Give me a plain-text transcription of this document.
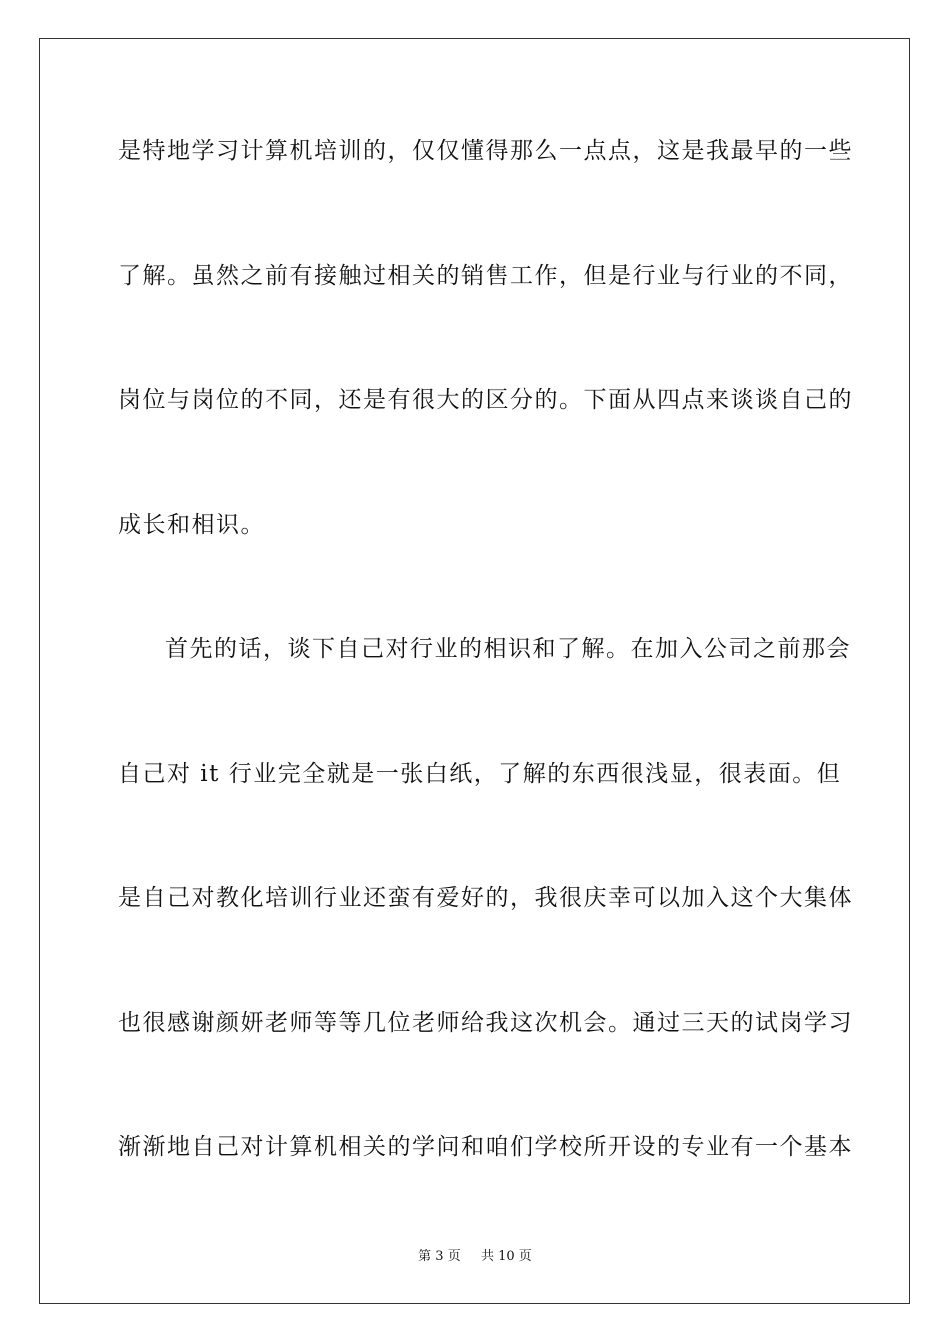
是特地学习计算机培训的，仅仅懂得那么一点点，这是我最早的一些
了解。虽然之前有接触过相关的销售工作，但是行业与行业的不同，
岗位与岗位的不同，还是有很大的区分的。下面从四点来谈谈自己的
成长和相识。
首先的话，谈下自己对行业的相识和了解。在加入公司之前那会
自己对 it 行业完全就是一张白纸，了解的东西很浅显，很表面。但
是自己对教化培训行业还蛮有爱好的，我很庆幸可以加入这个大集体
也很感谢颜妍老师等等几位老师给我这次机会。通过三天的试岗学习
渐渐地自己对计算机相关的学问和咱们学校所开设的专业有一个基本
第 3 页 共 10 页
